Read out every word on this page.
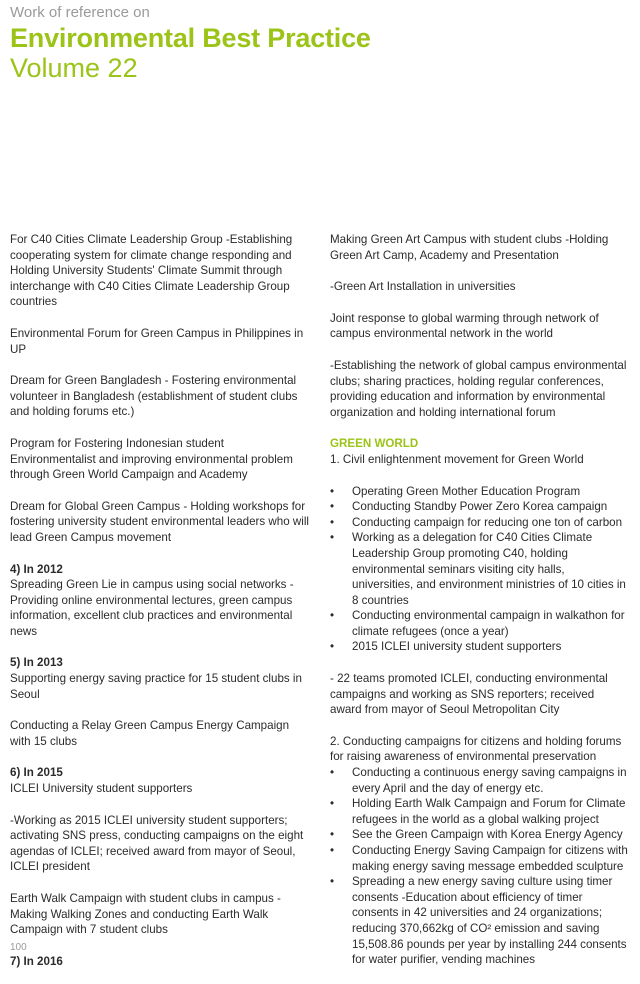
Work of reference on
Environmental Best Practice
Volume 22

For C40 Cities Climate Leadership Group -Establishing cooperating system for climate change responding and Holding University Students' Climate Summit through interchange with C40 Cities Climate Leadership Group countries

Environmental Forum for Green Campus in Philippines in UP

Dream for Green Bangladesh - Fostering environmental volunteer in Bangladesh (establishment of student clubs and holding forums etc.)

Program for Fostering Indonesian student Environmentalist and improving environmental problem through Green World Campaign and Academy

Dream for Global Green Campus - Holding workshops for fostering university student environmental leaders who will lead Green Campus movement

4) In 2012

Spreading Green Lie in campus using social networks - Providing online environmental lectures, green campus information, excellent club practices and environmental news

5) In 2013

Supporting energy saving practice for 15 student clubs in Seoul

Conducting a Relay Green Campus Energy Campaign with 15 clubs

6) In 2015

ICLEI University student supporters

-Working as 2015 ICLEI university student supporters; activating SNS press, conducting campaigns on the eight agendas of ICLEI; received award from mayor of Seoul, ICLEI president

Earth Walk Campaign with student clubs in campus -Making Walking Zones and conducting Earth Walk Campaign with 7 student clubs

7) In 2016

Making Green Art Campus with student clubs -Holding Green Art Camp, Academy and Presentation

-Green Art Installation in universities

Joint response to global warming through network of campus environmental network in the world

-Establishing the network of global campus environmental clubs; sharing practices, holding regular conferences, providing education and information by environmental organization and holding international forum

GREEN WORLD

1. Civil enlightenment movement for Green World

• Operating Green Mother Education Program
• Conducting Standby Power Zero Korea campaign
• Conducting campaign for reducing one ton of carbon
• Working as a delegation for C40 Cities Climate Leadership Group promoting C40, holding environmental seminars visiting city halls, universities, and environment ministries of 10 cities in 8 countries
• Conducting environmental campaign in walkathon for climate refugees (once a year)
• 2015 ICLEI university student supporters

- 22 teams promoted ICLEI, conducting environmental campaigns and working as SNS reporters; received award from mayor of Seoul Metropolitan City

2. Conducting campaigns for citizens and holding forums for raising awareness of environmental preservation

• Conducting a continuous energy saving campaigns in every April and the day of energy etc.
• Holding Earth Walk Campaign and Forum for Climate refugees in the world as a global walking project
• See the Green Campaign with Korea Energy Agency
• Conducting Energy Saving Campaign for citizens with making energy saving message embedded sculpture
• Spreading a new energy saving culture using timer consents -Education about efficiency of timer consents in 42 universities and 24 organizations; reducing 370,662kg of CO² emission and saving 15,508.86 pounds per year by installing 244 consents for water purifier, vending machines
100
